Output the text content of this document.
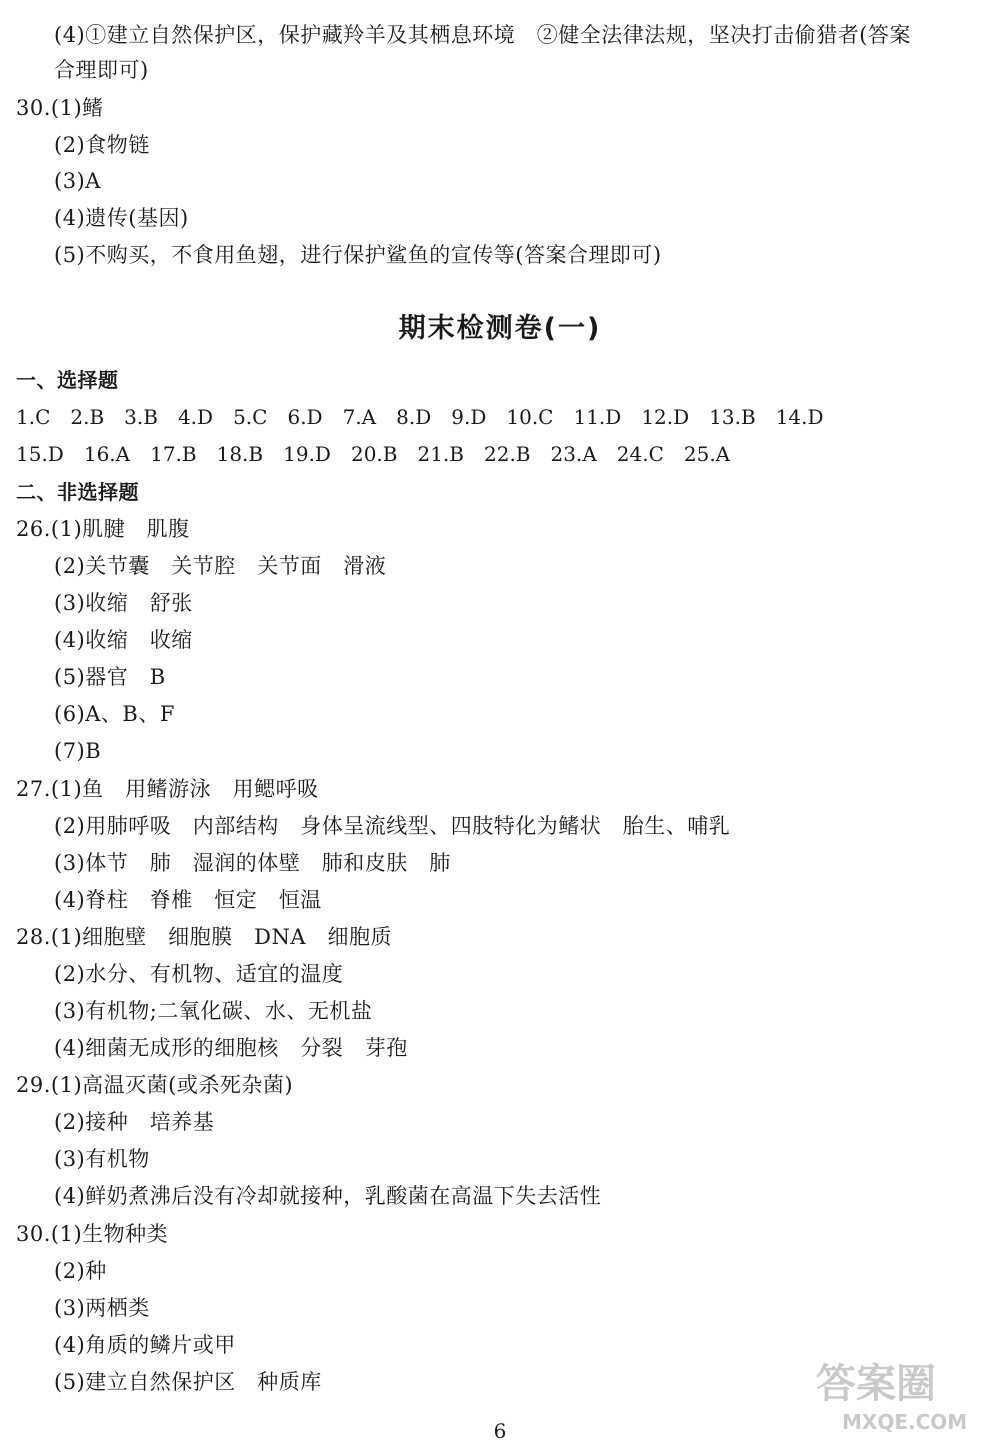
(4)①建立自然保护区，保护藏羚羊及其栖息环境　②健全法律法规，坚决打击偷猎者(答案
合理即可)
30.(1)鳍
(2)食物链
(3)A
(4)遗传(基因)
(5)不购买，不食用鱼翅，进行保护鲨鱼的宣传等(答案合理即可)
期末检测卷(一)
一、选择题
1.C 2.B 3.B 4.D 5.C 6.D 7.A 8.D 9.D 10.C 11.D 12.D 13.B 14.D
15.D 16.A 17.B 18.B 19.D 20.B 21.B 22.B 23.A 24.C 25.A
二、非选择题
26.(1)肌腱　肌腹
(2)关节囊　关节腔　关节面　滑液
(3)收缩　舒张
(4)收缩　收缩
(5)器官　B
(6)A、B、F
(7)B
27.(1)鱼　用鳍游泳　用鳃呼吸
(2)用肺呼吸　内部结构　身体呈流线型、四肢特化为鳍状　胎生、哺乳
(3)体节　肺　湿润的体壁　肺和皮肤　肺
(4)脊柱　脊椎　恒定　恒温
28.(1)细胞壁　细胞膜　DNA　细胞质
(2)水分、有机物、适宜的温度
(3)有机物;二氧化碳、水、无机盐
(4)细菌无成形的细胞核　分裂　芽孢
29.(1)高温灭菌(或杀死杂菌)
(2)接种　培养基
(3)有机物
(4)鲜奶煮沸后没有冷却就接种，乳酸菌在高温下失去活性
30.(1)生物种类
(2)种
(3)两栖类
(4)角质的鳞片或甲
(5)建立自然保护区　种质库
6
答案圈
MXQE.COM
